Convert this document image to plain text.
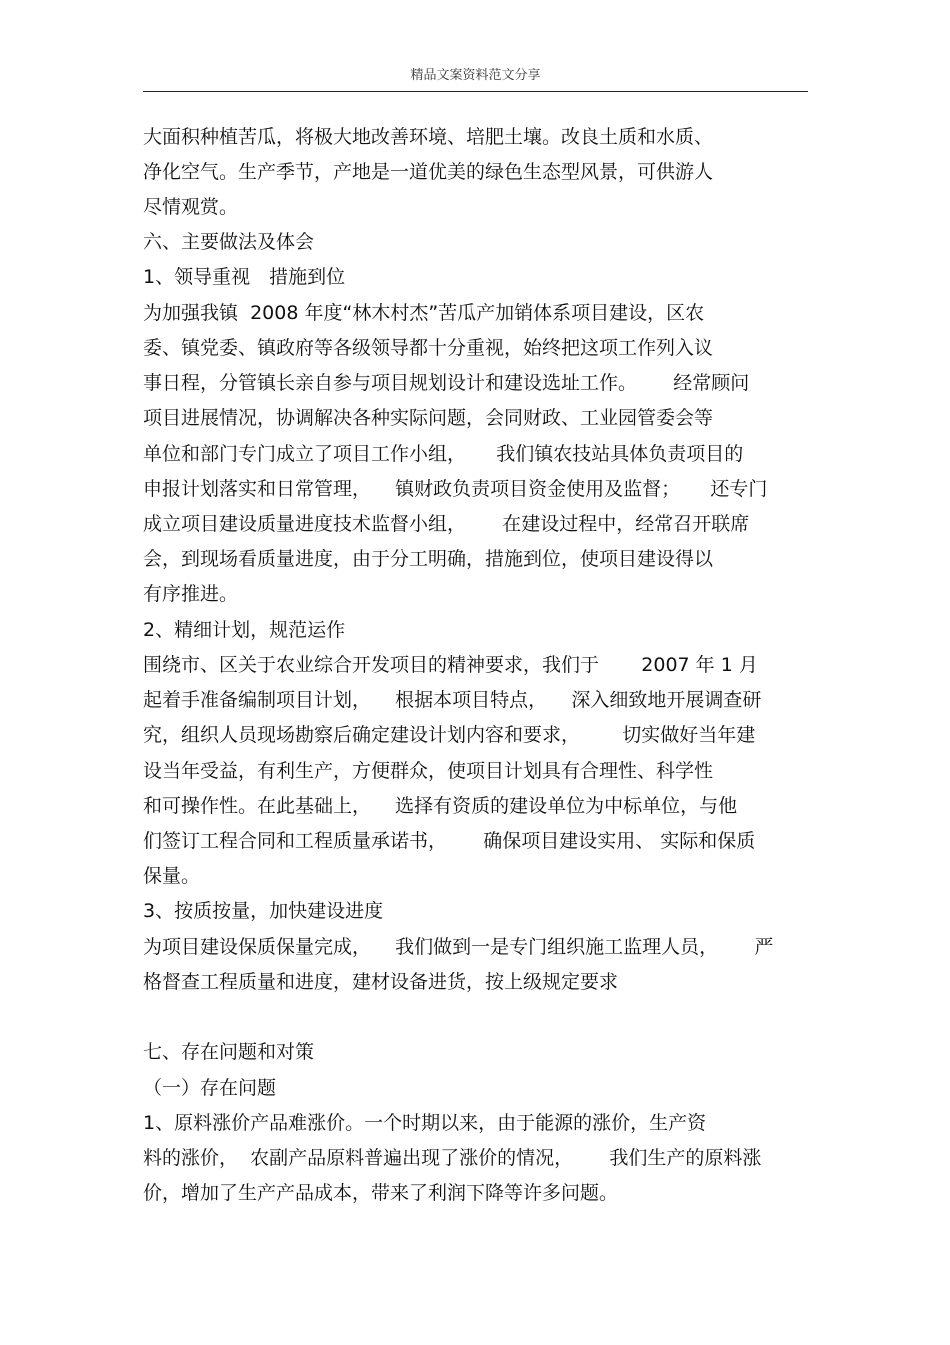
精品文案资料范文分享
大面积种植苦瓜，将极大地改善环境、培肥土壤。改良土质和水质、
净化空气。生产季节，产地是一道优美的绿色生态型风景，可供游人
尽情观赏。
六、主要做法及体会
1、领导重视　措施到位
为加强我镇  2008 年度“林木村杰”苦瓜产加销体系项目建设，区农
委、镇党委、镇政府等各级领导都十分重视，始终把这项工作列入议
事日程，分管镇长亲自参与项目规划设计和建设选址工作。      经常顾问
项目进展情况，协调解决各种实际问题，会同财政、工业园管委会等
单位和部门专门成立了项目工作小组，     我们镇农技站具体负责项目的
申报计划落实和日常管理，    镇财政负责项目资金使用及监督；     还专门
成立项目建设质量进度技术监督小组，      在建设过程中，经常召开联席
会，到现场看质量进度，由于分工明确，措施到位，使项目建设得以
有序推进。
2、精细计划，规范运作
围绕市、区关于农业综合开发项目的精神要求，我们于       2007 年 1 月
起着手准备编制项目计划，    根据本项目特点，    深入细致地开展调查研
究，组织人员现场勘察后确定建设计划内容和要求，       切实做好当年建
设当年受益，有利生产，方便群众，使项目计划具有合理性、科学性
和可操作性。在此基础上，    选择有资质的建设单位为中标单位，与他
们签订工程合同和工程质量承诺书，      确保项目建设实用、 实际和保质
保量。
3、按质按量，加快建设进度
为项目建设保质保量完成，    我们做到一是专门组织施工监理人员，      严
格督查工程质量和进度，建材设备进货，按上级规定要求
七、存在问题和对策
（一）存在问题
1、原料涨价产品难涨价。一个时期以来，由于能源的涨价，生产资
料的涨价，  农副产品原料普遍出现了涨价的情况，      我们生产的原料涨
价，增加了生产产品成本，带来了利润下降等许多问题。
